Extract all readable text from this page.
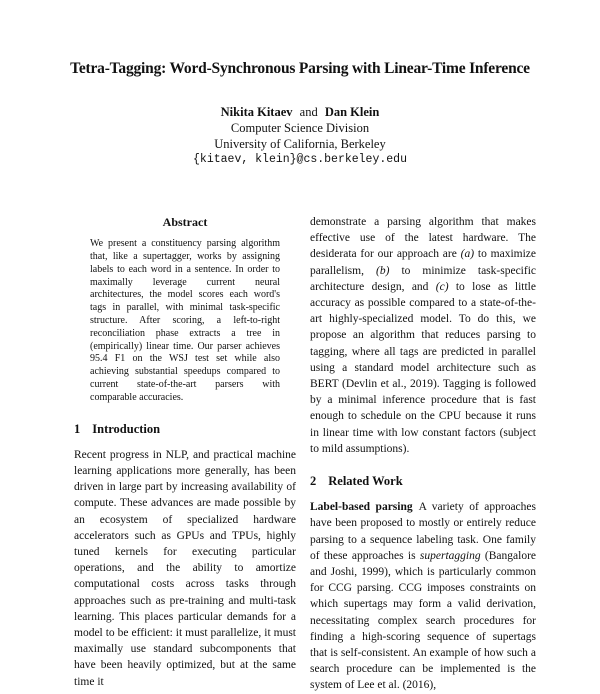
Tetra-Tagging: Word-Synchronous Parsing with Linear-Time Inference
Nikita Kitaev and Dan Klein
Computer Science Division
University of California, Berkeley
{kitaev, klein}@cs.berkeley.edu
Abstract

We present a constituency parsing algorithm that, like a supertagger, works by assigning labels to each word in a sentence. In order to maximally leverage current neural architectures, the model scores each word's tags in parallel, with minimal task-specific structure. After scoring, a left-to-right reconciliation phase extracts a tree in (empirically) linear time. Our parser achieves 95.4 F1 on the WSJ test set while also achieving substantial speedups compared to current state-of-the-art parsers with comparable accuracies.

1 Introduction

Recent progress in NLP, and practical machine learning applications more generally, has been driven in large part by increasing availability of compute. These advances are made possible by an ecosystem of specialized hardware accelerators such as GPUs and TPUs, highly tuned kernels for executing particular operations, and the ability to amortize computational costs across tasks through approaches such as pre-training and multi-task learning. This places particular demands for a model to be efficient: it must parallelize, it must maximally use standard subcomponents that have been heavily optimized, but at the same time it

demonstrate a parsing algorithm that makes effective use of the latest hardware. The desiderata for our approach are (a) to maximize parallelism, (b) to minimize task-specific architecture design, and (c) to lose as little accuracy as possible compared to a state-of-the-art highly-specialized model. To do this, we propose an algorithm that reduces parsing to tagging, where all tags are predicted in parallel using a standard model architecture such as BERT (Devlin et al., 2019). Tagging is followed by a minimal inference procedure that is fast enough to schedule on the CPU because it runs in linear time with low constant factors (subject to mild assumptions).

2 Related Work

Label-based parsing A variety of approaches have been proposed to mostly or entirely reduce parsing to a sequence labeling task. One family of these approaches is supertagging (Bangalore and Joshi, 1999), which is particularly common for CCG parsing. CCG imposes constraints on which supertags may form a valid derivation, necessitating complex search procedures for finding a high-scoring sequence of supertags that is self-consistent. An example of how such a search procedure can be implemented is the system of Lee et al. (2016),
